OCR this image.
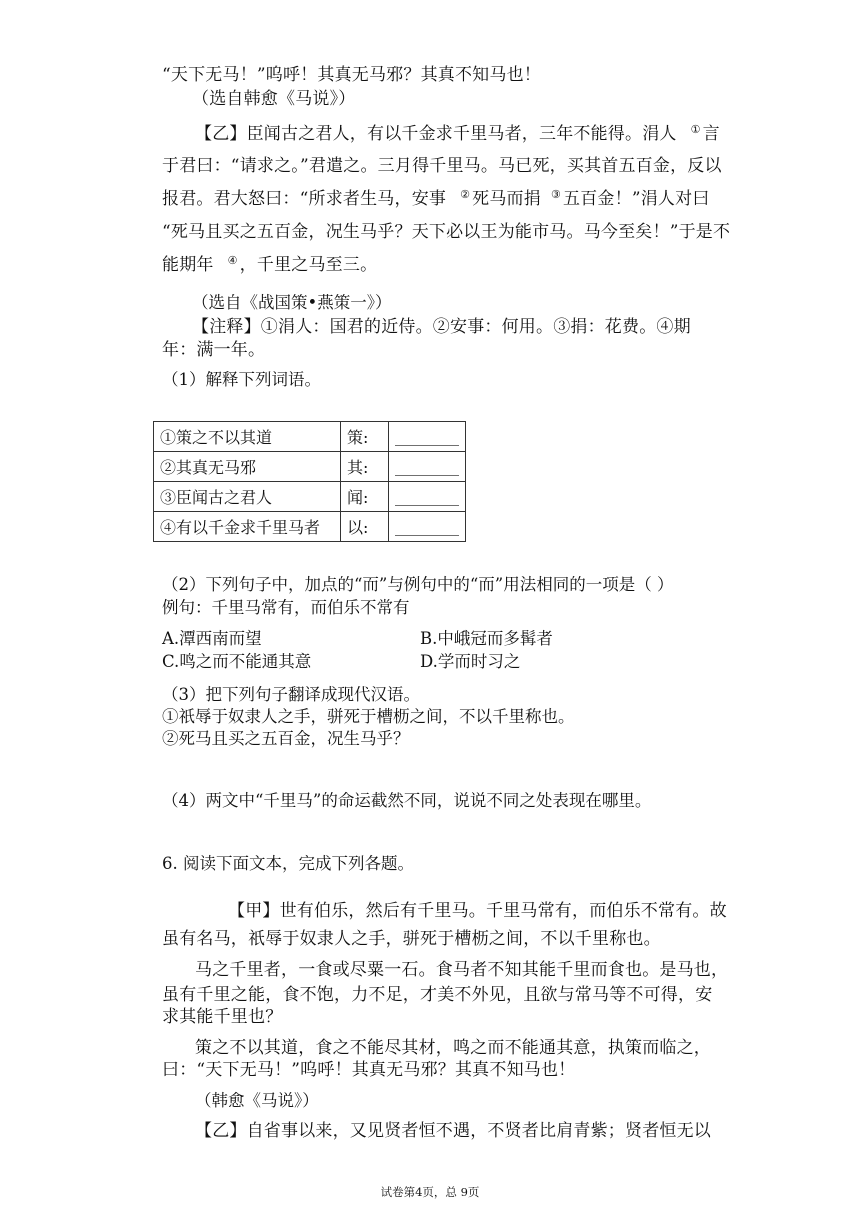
“天下无马！”呜呼！其真无马邪？其真不知马也！
（选自韩愈《马说》）
【乙】臣闻古之君人，有以千金求千里马者，三年不能得。涓人 ① 言
于君曰：“请求之。”君遣之。三月得千里马。马已死，买其首五百金，反以
报君。君大怒曰：“所求者生马，安事 ② 死马而捐 ③ 五百金！”涓人对曰
“死马且买之五百金，况生马乎？天下必以王为能市马。马今至矣！”于是不
能期年 ④ ，千里之马至三。
（选自《战国策•燕策一》）
【注释】①涓人：国君的近侍。②安事：何用。③捐：花费。④期
年：满一年。
（1）解释下列词语。
①策之不以其道	策:	________
②其真无马邪	其:	________
③臣闻古之君人	闻:	________
④有以千金求千里马者	以:	________
（2）下列句子中，加点的“而”与例句中的“而”用法相同的一项是（ ）
例句：千里马常有，而伯乐不常有
A.潭西南而望	B.中峨冠而多髯者
C.鸣之而不能通其意	D.学而时习之
（3）把下列句子翻译成现代汉语。
①祇辱于奴隶人之手，骈死于槽枥之间，不以千里称也。
②死马且买之五百金，况生马乎？
（4）两文中“千里马”的命运截然不同，说说不同之处表现在哪里。
6. 阅读下面文本，完成下列各题。
【甲】世有伯乐，然后有千里马。千里马常有，而伯乐不常有。故
虽有名马，祇辱于奴隶人之手，骈死于槽枥之间，不以千里称也。
马之千里者，一食或尽粟一石。食马者不知其能千里而食也。是马也，
虽有千里之能，食不饱，力不足，才美不外见，且欲与常马等不可得，安
求其能千里也？
策之不以其道，食之不能尽其材，鸣之而不能通其意，执策而临之，
曰：“天下无马！”呜呼！其真无马邪？其真不知马也！
（韩愈《马说》）
【乙】自省事以来，又见贤者恒不遇，不贤者比肩青紫；贤者恒无以
试卷第4页，总 9页
